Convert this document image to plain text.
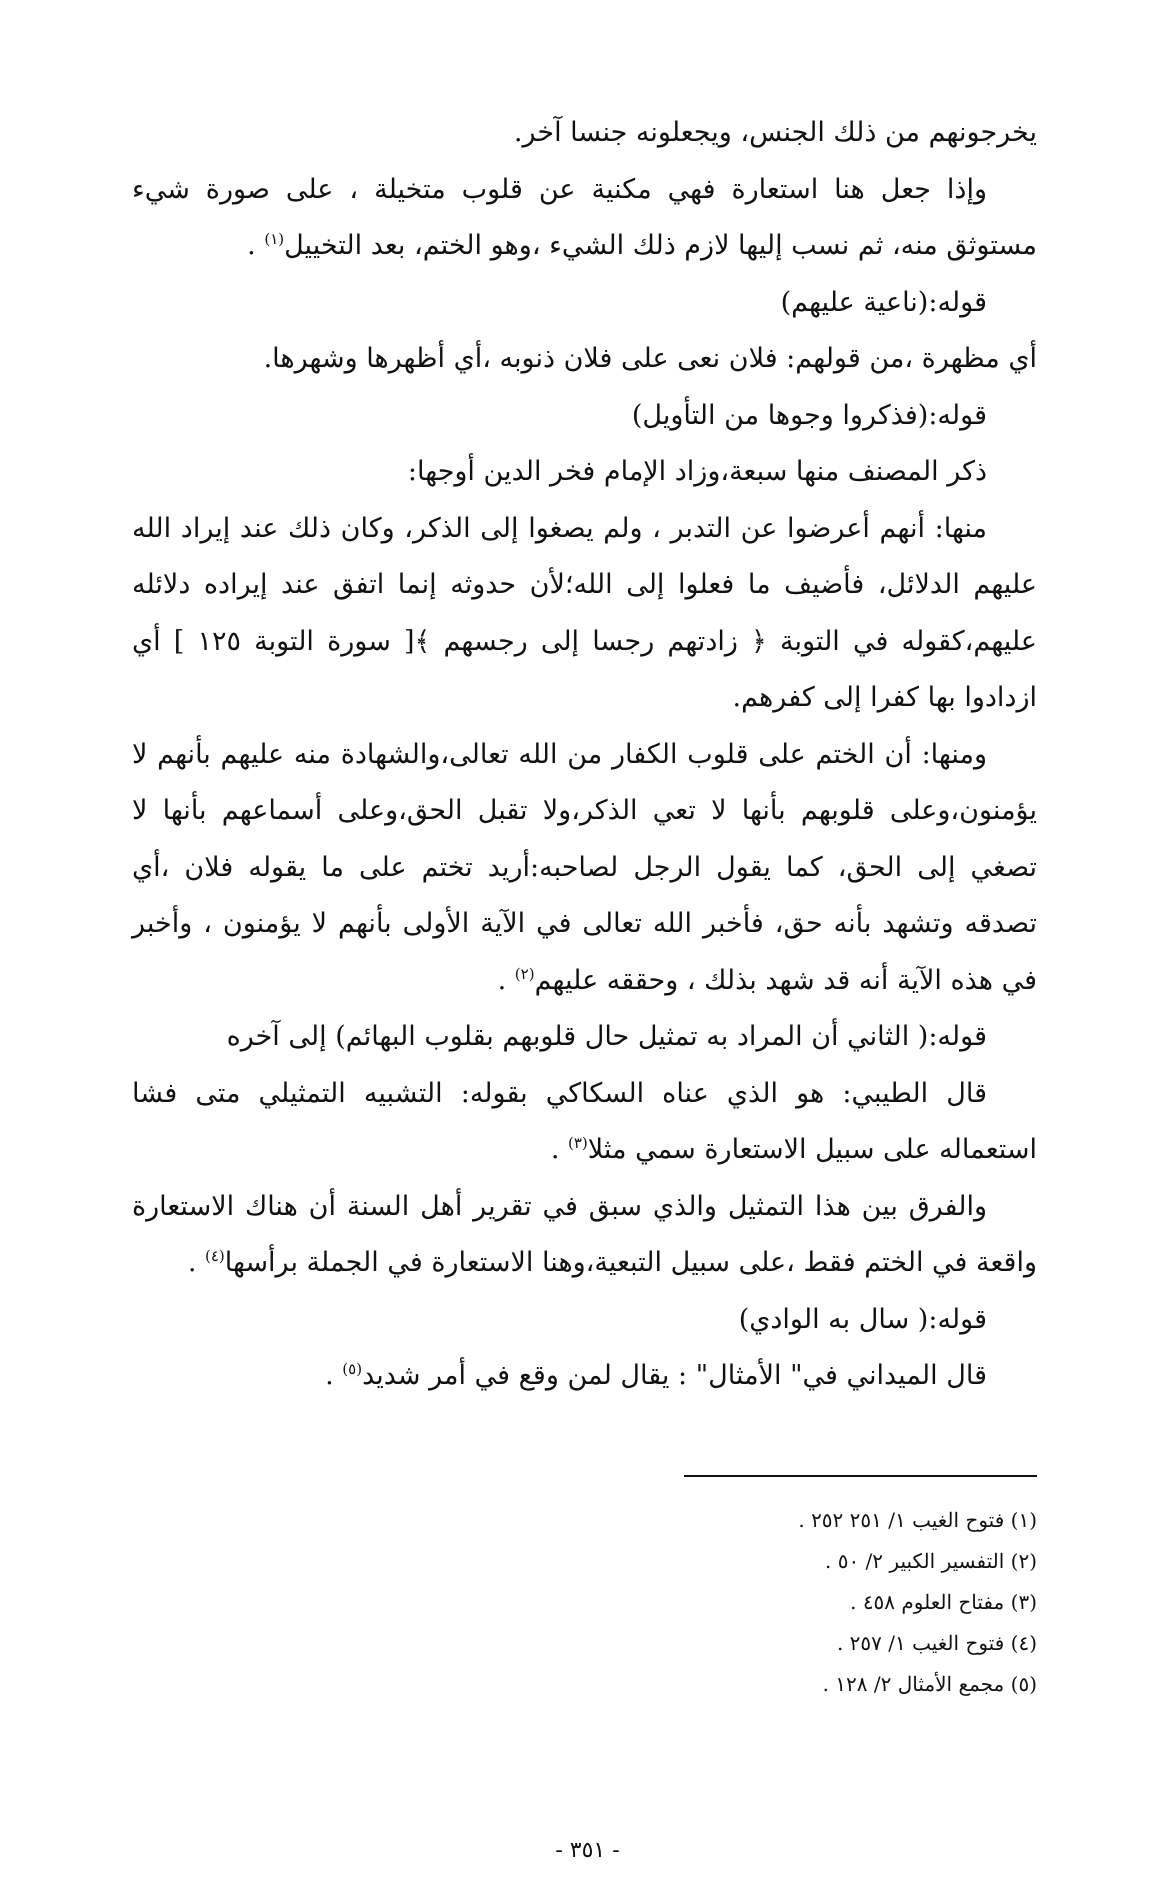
يخرجونهم من ذلك الجنس، ويجعلونه جنسا آخر.

وإذا جعل هنا استعارة فهي مكنية عن قلوب متخيلة ، على صورة شيء مستوثق منه، ثم نسب إليها لازم ذلك الشيء ،وهو الختم، بعد التخييل$^{(١)}$ .

قوله:(ناعية عليهم)

أي مظهرة ،من قولهم: فلان نعى على فلان ذنوبه ،أي أظهرها وشهرها.

قوله:(فذكروا وجوها من التأويل)

ذكر المصنف منها سبعة،وزاد الإمام فخر الدين أوجها:

منها: أنهم أعرضوا عن التدبر ، ولم يصغوا إلى الذكر، وكان ذلك عند إيراد الله عليهم الدلائل، فأضيف ما فعلوا إلى الله؛لأن حدوثه إنما اتفق عند إيراده دلائله عليهم،كقوله في التوبة ﴿ زادتهم رجسا إلى رجسهم ﴾[ سورة التوبة ١٢٥ ] أي ازدادوا بها كفرا إلى كفرهم.

ومنها: أن الختم على قلوب الكفار من الله تعالى،والشهادة منه عليهم بأنهم لا يؤمنون،وعلى قلوبهم بأنها لا تعي الذكر،ولا تقبل الحق،وعلى أسماعهم بأنها لا تصغي إلى الحق، كما يقول الرجل لصاحبه:أريد تختم على ما يقوله فلان ،أي تصدقه وتشهد بأنه حق، فأخبر الله تعالى في الآية الأولى بأنهم لا يؤمنون ، وأخبر في هذه الآية أنه قد شهد بذلك ، وحققه عليهم$^{(٢)}$ .

قوله:( الثاني أن المراد به تمثيل حال قلوبهم بقلوب البهائم) إلى آخره

قال الطيبي: هو الذي عناه السكاكي بقوله: التشبيه التمثيلي متى فشا استعماله على سبيل الاستعارة سمي مثلا$^{(٣)}$ .

والفرق بين هذا التمثيل والذي سبق في تقرير أهل السنة أن هناك الاستعارة واقعة في الختم فقط ،على سبيل التبعية،وهنا الاستعارة في الجملة برأسها$^{(٤)}$ .

قوله:( سال به الوادي)

قال الميداني في" الأمثال" : يقال لمن وقع في أمر شديد$^{(٥)}$ .

(١) فتوح الغيب ١/ ٢٥١ ٢٥٢ .
(٢) التفسير الكبير ٢/ ٥٠ .
(٣) مفتاح العلوم ٤٥٨ .
(٤) فتوح الغيب ١/ ٢٥٧ .
(٥) مجمع الأمثال ٢/ ١٢٨ .
- ٣٥١ -
